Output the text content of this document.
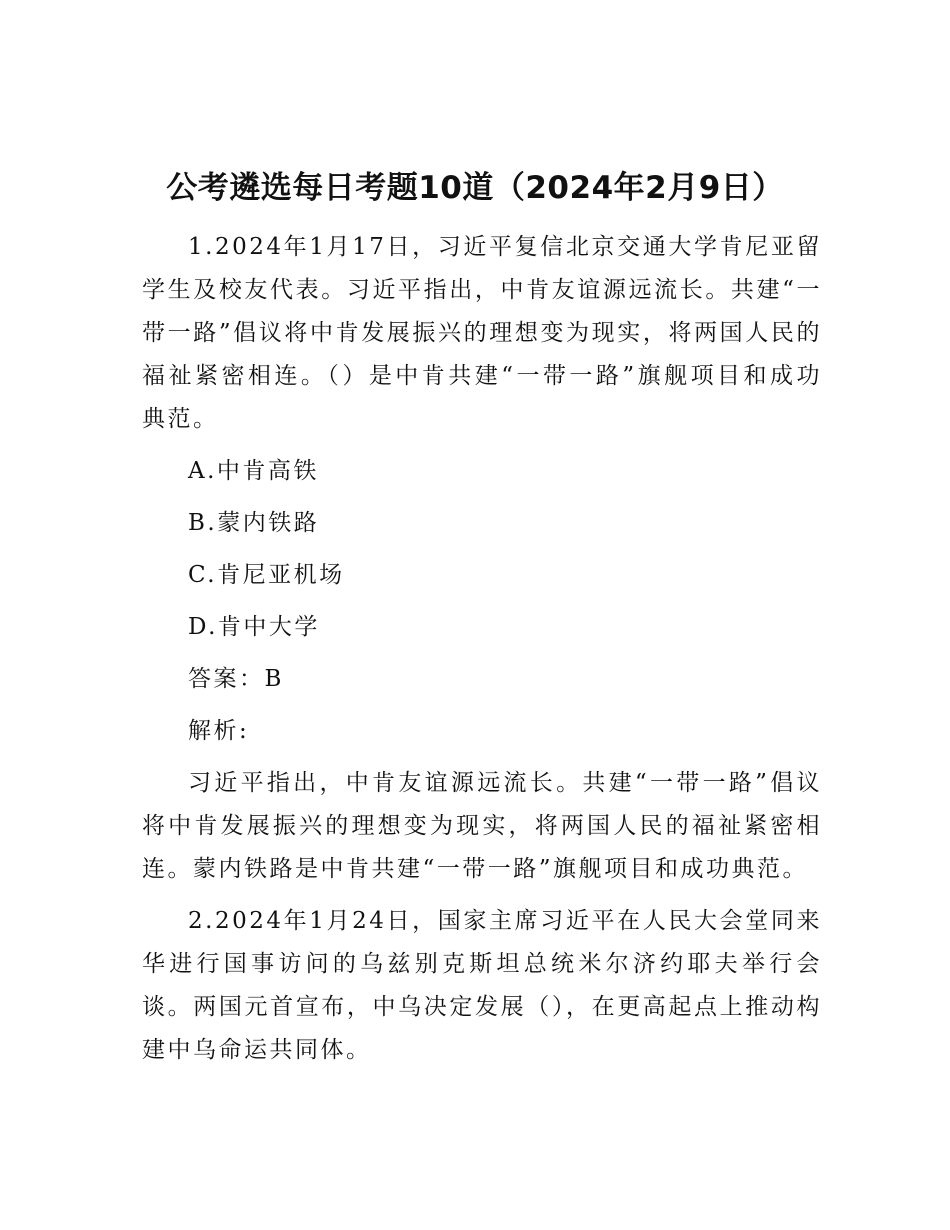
公考遴选每日考题10道（2024年2月9日）

1.2024年1月17日，习近平复信北京交通大学肯尼亚留学生及校友代表。习近平指出，中肯友谊源远流长。共建“一带一路”倡议将中肯发展振兴的理想变为现实，将两国人民的福祉紧密相连。（）是中肯共建“一带一路”旗舰项目和成功典范。

A.中肯高铁

B.蒙内铁路

C.肯尼亚机场

D.肯中大学

答案：B

解析:

习近平指出，中肯友谊源远流长。共建“一带一路”倡议将中肯发展振兴的理想变为现实，将两国人民的福祉紧密相连。蒙内铁路是中肯共建“一带一路”旗舰项目和成功典范。

2.2024年1月24日，国家主席习近平在人民大会堂同来华进行国事访问的乌兹别克斯坦总统米尔济约耶夫举行会谈。两国元首宣布，中乌决定发展（），在更高起点上推动构建中乌命运共同体。
